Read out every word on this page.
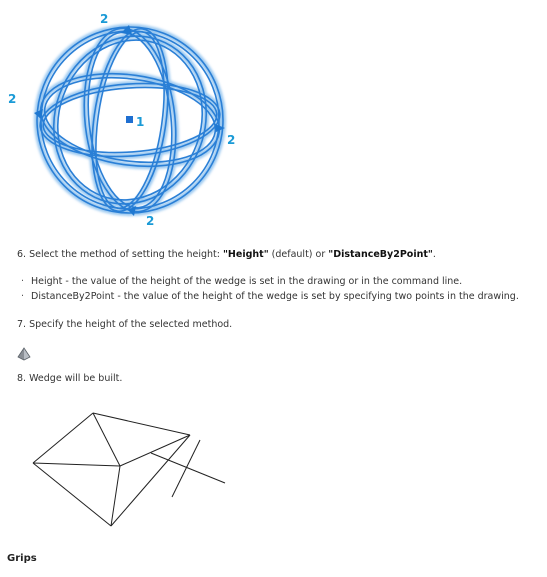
2
2
2
2
1
6. Select the method of setting the height: "Height" (default) or "DistanceBy2Point".
· Height - the value of the height of the wedge is set in the drawing or in the command line.
· DistanceBy2Point - the value of the height of the wedge is set by specifying two points in the drawing.
7. Specify the height of the selected method.
8. Wedge will be built.
Grips
